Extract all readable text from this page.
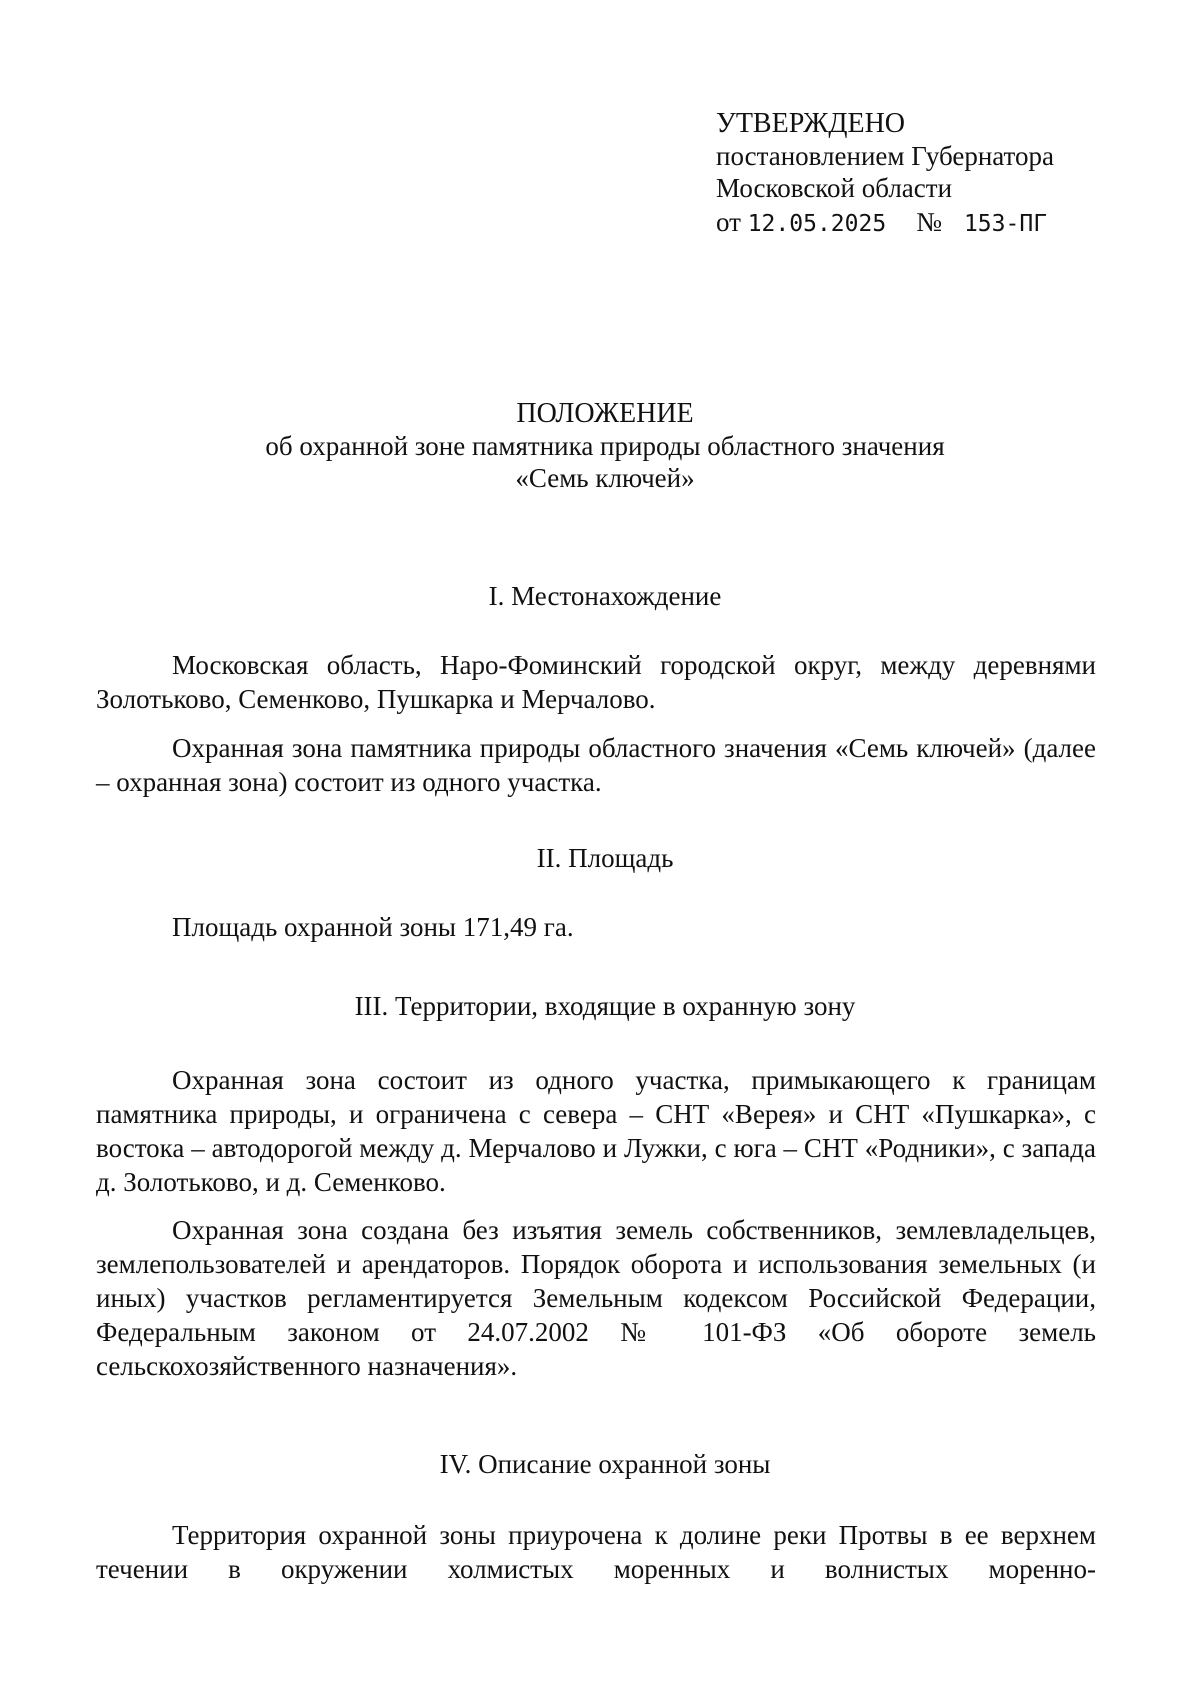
УТВЕРЖДЕНО
постановлением Губернатора
Московской области
от 12.05.2025 № 153-ПГ
ПОЛОЖЕНИЕ
об охранной зоне памятника природы областного значения
«Семь ключей»
I. Местонахождение
Московская область, Наро-Фоминский городской округ, между деревнями Золотьково, Семенково, Пушкарка и Мерчалово.
Охранная зона памятника природы областного значения «Семь ключей» (далее – охранная зона) состоит из одного участка.
II. Площадь
Площадь охранной зоны 171,49 га.
III. Территории, входящие в охранную зону
Охранная зона состоит из одного участка, примыкающего к границам памятника природы, и ограничена с севера – СНТ «Верея» и СНТ «Пушкарка», с востока – автодорогой между д. Мерчалово и Лужки, с юга – СНТ «Родники», с запада д. Золотьково, и д. Семенково.
Охранная зона создана без изъятия земель собственников, землевладельцев, землепользователей и арендаторов. Порядок оборота и использования земельных (и иных) участков регламентируется Земельным кодексом Российской Федерации, Федеральным законом от 24.07.2002 № 101-ФЗ «Об обороте земель сельскохозяйственного назначения».
IV. Описание охранной зоны
Территория охранной зоны приурочена к долине реки Протвы в ее верхнем течении в окружении холмистых моренных и волнистых моренно-
